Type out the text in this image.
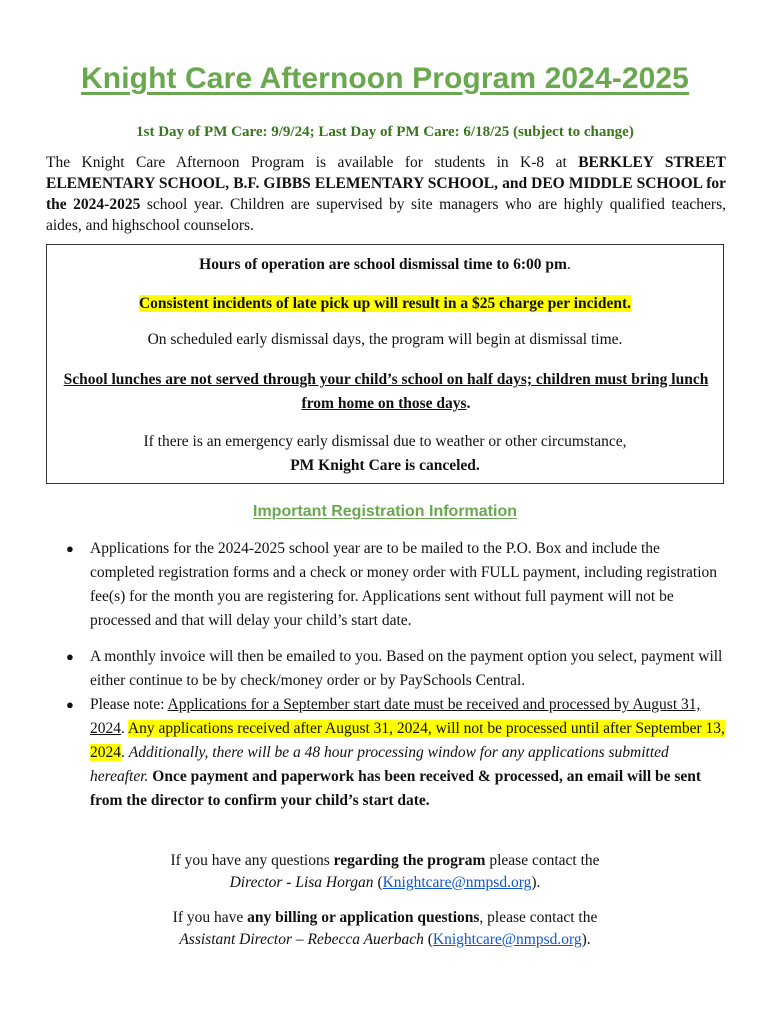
Knight Care Afternoon Program 2024-2025
1st Day of PM Care: 9/9/24; Last Day of PM Care: 6/18/25 (subject to change)
The Knight Care Afternoon Program is available for students in K-8 at BERKLEY STREET ELEMENTARY SCHOOL, B.F. GIBBS ELEMENTARY SCHOOL, and DEO MIDDLE SCHOOL for the 2024-2025 school year. Children are supervised by site managers who are highly qualified teachers, aides, and highschool counselors.

Hours of operation are school dismissal time to 6:00 pm.

Consistent incidents of late pick up will result in a $25 charge per incident.

On scheduled early dismissal days, the program will begin at dismissal time.

School lunches are not served through your child’s school on half days; children must bring lunch from home on those days.

If there is an emergency early dismissal due to weather or other circumstance,

PM Knight Care is canceled.

Important Registration Information
● Applications for the 2024-2025 school year are to be mailed to the P.O. Box and include the completed registration forms and a check or money order with FULL payment, including registration fee(s) for the month you are registering for. Applications sent without full payment will not be processed and that will delay your child’s start date.
● A monthly invoice will then be emailed to you. Based on the payment option you select, payment will either continue to be by check/money order or by PaySchools Central.
● Please note: Applications for a September start date must be received and processed by August 31, 2024. Any applications received after August 31, 2024, will not be processed until after September 13, 2024. Additionally, there will be a 48 hour processing window for any applications submitted hereafter. Once payment and paperwork has been received & processed, an email will be sent from the director to confirm your child’s start date.
If you have any questions regarding the program please contact the
Director - Lisa Horgan (Knightcare@nmpsd.org).
If you have any billing or application questions, please contact the
Assistant Director – Rebecca Auerbach (Knightcare@nmpsd.org).
